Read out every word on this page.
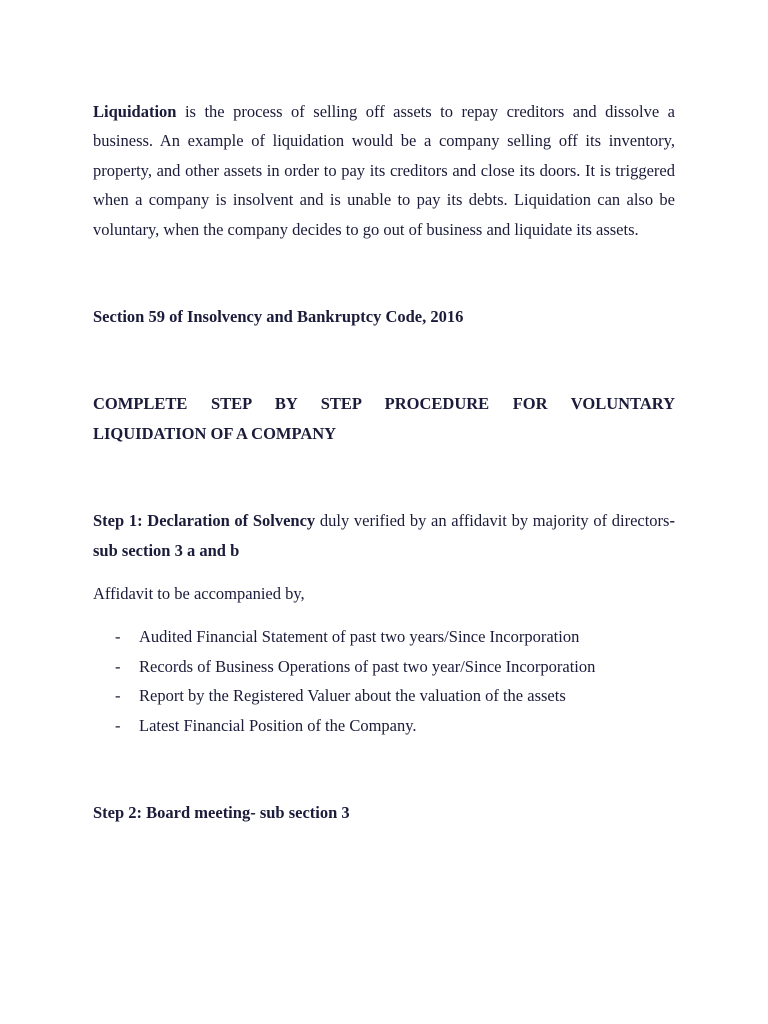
Liquidation is the process of selling off assets to repay creditors and dissolve a business. An example of liquidation would be a company selling off its inventory, property, and other assets in order to pay its creditors and close its doors. It is triggered when a company is insolvent and is unable to pay its debts. Liquidation can also be voluntary, when the company decides to go out of business and liquidate its assets.

Section 59 of Insolvency and Bankruptcy Code, 2016

COMPLETE STEP BY STEP PROCEDURE FOR VOLUNTARY LIQUIDATION OF A COMPANY

Step 1: Declaration of Solvency duly verified by an affidavit by majority of directors- sub section 3 a and b

Affidavit to be accompanied by,

- Audited Financial Statement of past two years/Since Incorporation
- Records of Business Operations of past two year/Since Incorporation
- Report by the Registered Valuer about the valuation of the assets
- Latest Financial Position of the Company.

Step 2: Board meeting- sub section 3
